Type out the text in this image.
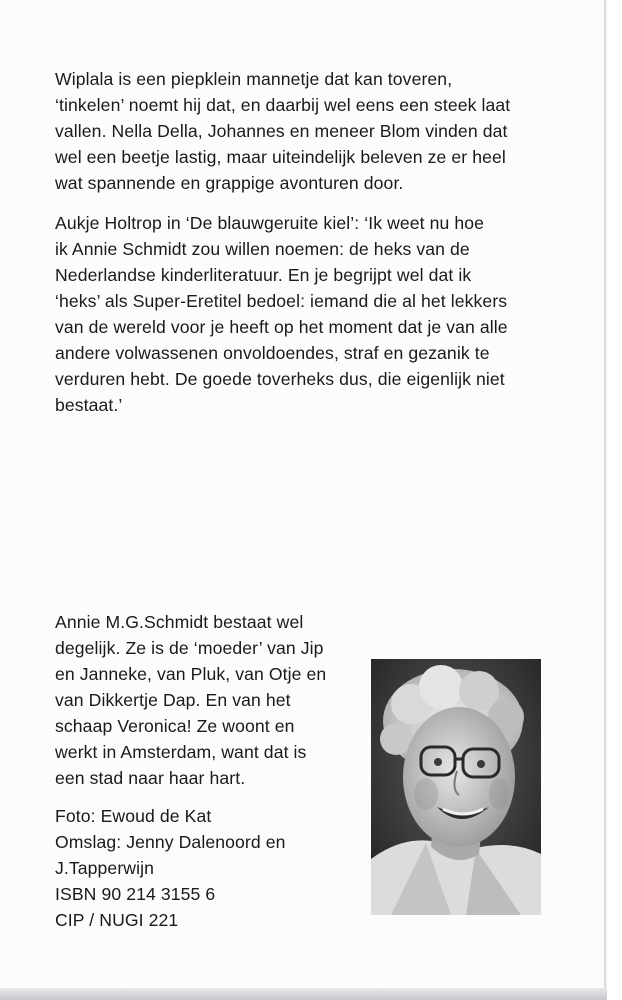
Wiplala is een piepklein mannetje dat kan toveren,
‘tinkelen’ noemt hij dat, en daarbij wel eens een steek laat
vallen. Nella Della, Johannes en meneer Blom vinden dat
wel een beetje lastig, maar uiteindelijk beleven ze er heel
wat spannende en grappige avonturen door.

Aukje Holtrop in ‘De blauwgeruite kiel’: ‘Ik weet nu hoe
ik Annie Schmidt zou willen noemen: de heks van de
Nederlandse kinderliteratuur. En je begrijpt wel dat ik
‘heks’ als Super-Eretitel bedoel: iemand die al het lekkers
van de wereld voor je heeft op het moment dat je van alle
andere volwassenen onvoldoendes, straf en gezanik te
verduren hebt. De goede toverheks dus, die eigenlijk niet
bestaat.’

Annie M.G.Schmidt bestaat wel
degelijk. Ze is de ‘moeder’ van Jip
en Janneke, van Pluk, van Otje en
van Dikkertje Dap. En van het
schaap Veronica! Ze woont en
werkt in Amsterdam, want dat is
een stad naar haar hart.

Foto: Ewoud de Kat
Omslag: Jenny Dalenoord en
J.Tapperwijn
ISBN 90 214 3155 6
CIP / NUGI 221
